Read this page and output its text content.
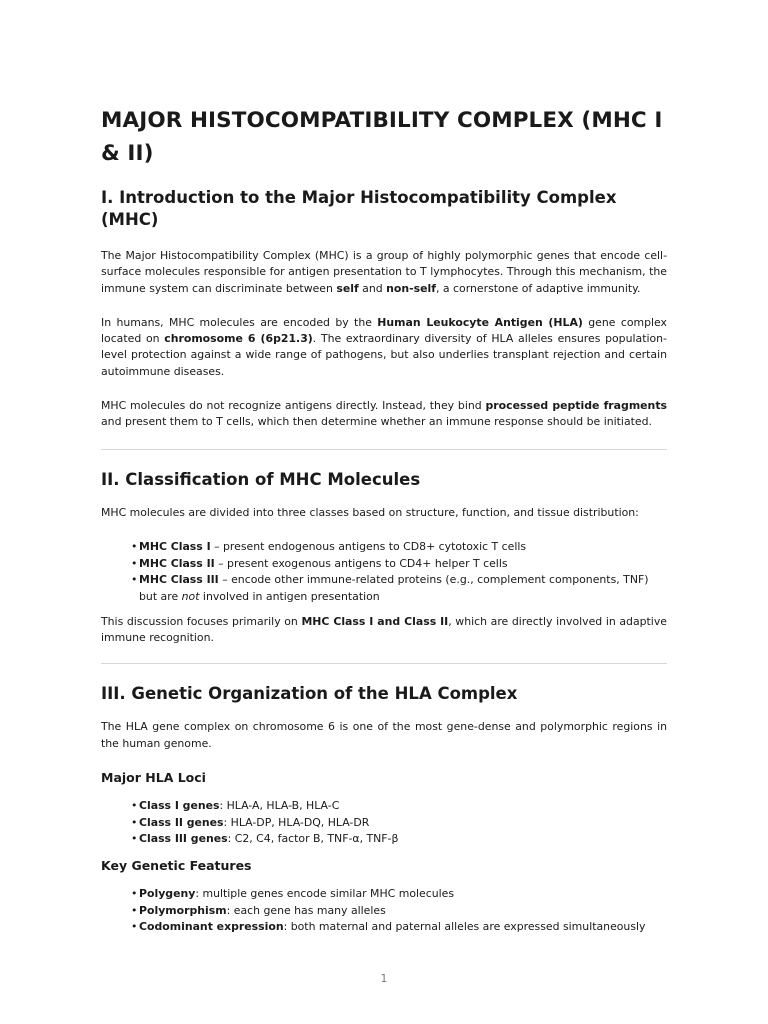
MAJOR HISTOCOMPATIBILITY COMPLEX (MHC I & II)
I. Introduction to the Major Histocompatibility Complex (MHC)

The Major Histocompatibility Complex (MHC) is a group of highly polymorphic genes that encode cell-surface molecules responsible for antigen presentation to T lymphocytes. Through this mechanism, the immune system can discriminate between self and non-self, a cornerstone of adaptive immunity.

In humans, MHC molecules are encoded by the Human Leukocyte Antigen (HLA) gene complex located on chromosome 6 (6p21.3). The extraordinary diversity of HLA alleles ensures population-level protection against a wide range of pathogens, but also underlies transplant rejection and certain autoimmune diseases.

MHC molecules do not recognize antigens directly. Instead, they bind processed peptide fragments and present them to T cells, which then determine whether an immune response should be initiated.

II. Classification of MHC Molecules

MHC molecules are divided into three classes based on structure, function, and tissue distribution:

• MHC Class I – present endogenous antigens to CD8+ cytotoxic T cells
• MHC Class II – present exogenous antigens to CD4+ helper T cells
• MHC Class III – encode other immune-related proteins (e.g., complement components, TNF) but are not involved in antigen presentation

This discussion focuses primarily on MHC Class I and Class II, which are directly involved in adaptive immune recognition.

III. Genetic Organization of the HLA Complex

The HLA gene complex on chromosome 6 is one of the most gene-dense and polymorphic regions in the human genome.

Major HLA Loci
• Class I genes: HLA-A, HLA-B, HLA-C
• Class II genes: HLA-DP, HLA-DQ, HLA-DR
• Class III genes: C2, C4, factor B, TNF-α, TNF-β
Key Genetic Features
• Polygeny: multiple genes encode similar MHC molecules
• Polymorphism: each gene has many alleles
• Codominant expression: both maternal and paternal alleles are expressed simultaneously
1
